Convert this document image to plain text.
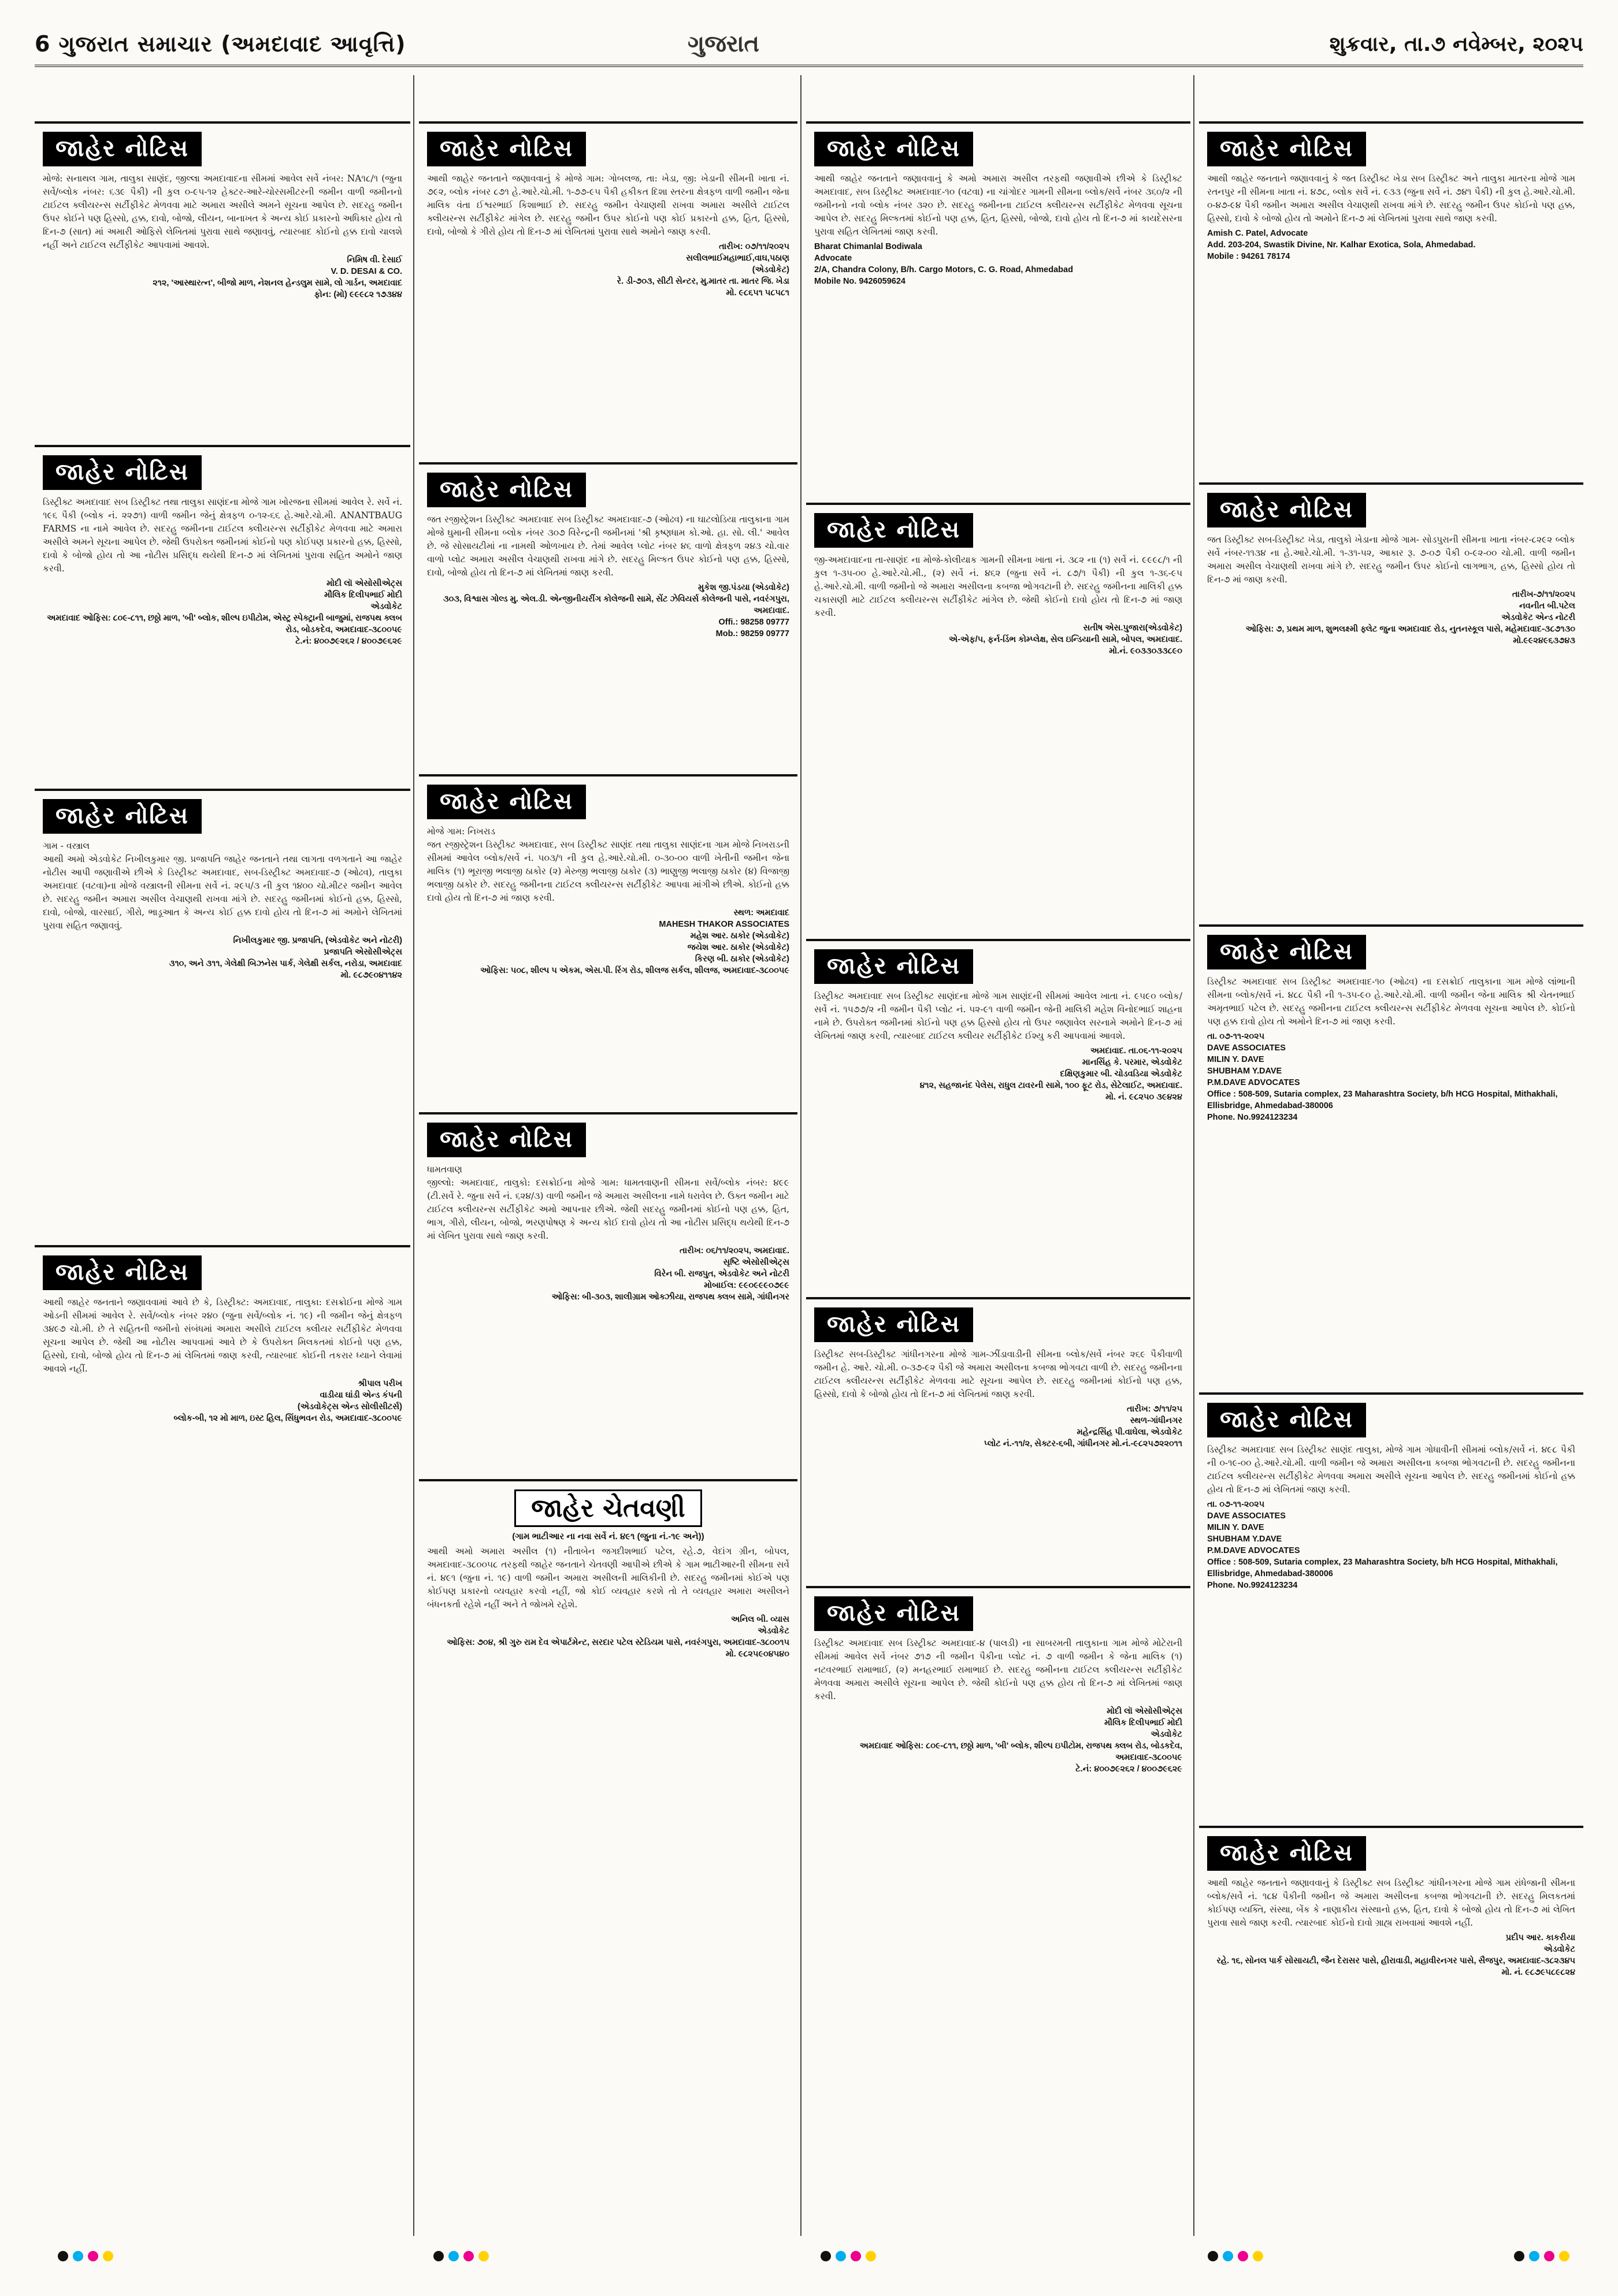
6 ગુજરાત સમાચાર (અમદાવાદ આવૃત્તિ)	ગુજરાત	શુક્રવાર, તા.૭ નવેમ્બર, ૨૦૨૫
જાહેર નોટિસ
મોજે: સનાથલ ગામ, તાલુકા સાણંદ, જીલ્લા અમદાવાદના સીમમાં આવેલ સર્વે નંબર: NA૧૮/૧ (જુના સર્વે/બ્લોક નંબર: ૬૩૯ પૈકી) ની કુલ ૦-૯૫-૧૨ હેક્ટર-આરે-ચોરસમીટરની જમીન વાળી જમીનનો ટાઈટલ ક્લીયરન્સ સર્ટીફીકેટ મેળવવા માટે અમારા અસીલે અમને સૂચના આપેલ છે. સદરહુ જમીન ઉપર કોઈને પણ હિસ્સો, હક્ક, દાવો, બોજો, લીયન, બાનાખત કે અન્ય કોઈ પ્રકારનો અધિકાર હોય તો દિન-૭ (સાત) માં અમારી ઓફિસે લેખિતમાં પુરાવા સાથે જણાવવું, ત્યારબાદ કોઈનો હક્ક દાવો ચાલશે નહીં અને ટાઈટલ સર્ટીફીકેટ આપવામાં આવશે.
નિમિષ વી. દેસાઈ
V. D. DESAI & CO.
૨૧૨, 'આસ્થારત્ન', બીજો માળ, નેશનલ હેન્ડલુમ સામે, લો ગાર્ડન, અમદાવાદ
ફોન: (મો) ૯૯૯૮૨ ૧૭૩૪૪
જાહેર નોટિસ
ડિસ્ટ્રીક્ટ અમદાવાદ સબ ડિસ્ટ્રીક્ટ તથા તાલુકા સાણંદના મોજે ગામ ખોરજના સીમમાં આવેલ રે. સર્વે નં. ૧૯૬ પૈકી (બ્લોક નં. ૨૨૭૧) વાળી જમીન જેનું ક્ષેત્રફળ ૦-૧૨-૬૬ હે.આરે.ચો.મી. ANANTBAUG FARMS ના નામે આવેલ છે. સદરહુ જમીનના ટાઈટલ ક્લીયરન્સ સર્ટીફીકેટ મેળવવા માટે અમારા અસીલે અમને સૂચના આપેલ છે. જેથી ઉપરોક્ત જમીનમાં કોઈનો પણ કોઈપણ પ્રકારનો હક્ક, હિસ્સો, દાવો કે બોજો હોય તો આ નોટીસ પ્રસિદ્ધ થયેથી દિન-૭ માં લેખિતમાં પુરાવા સહિત અમોને જાણ કરવી.
મોદી લૉ એસોસીએટ્સ
મૌલિક દિલીપભાઈ મોદી
એડવોકેટ
અમદાવાદ ઓફિસ: ૮૦૯-૮૧૧, છઠ્ઠો માળ, 'બી' બ્લોક, શીલ્પ ઇપીટોમ, એસ્ટ્ર સ્પેક્ટ્રાની બાજુમાં, રાજપથ ક્લબ રોડ, બોડકદેવ, અમદાવાદ-૩૮૦૦૫૯
ટે.નં: ૪૦૦૭૯૨૬૨ / ૪૦૦૭૯૬૨૯
જાહેર નોટિસ
ગામ - વસ્ત્રાલ
આથી અમો એડવોકેટ નિખીલકુમાર જી. પ્રજાપતિ જાહેર જનતાને તથા લાગતા વળગતાને આ જાહેર નોટીસ આપી જણાવીએ છીએ કે ડિસ્ટ્રીક્ટ અમદાવાદ, સબ-ડિસ્ટ્રીક્ટ અમદાવાદ-૭ (ઓઢવ), તાલુકા અમદાવાદ (વટવા)ના મોજે વસ્ત્રાલની સીમના સર્વે નં. ૨૯૫/૩ ની કુલ ૧૪૦૦ ચો.મીટર જમીન આવેલ છે. સદરહુ જમીન અમારા અસીલ વેચાણથી રાખવા માંગે છે. સદરહુ જમીનમાં કોઈનો હક્ક, હિસ્સો, દાવો, બોજો, વારસાઈ, ગીરો, ભાડૂઆત કે અન્ય કોઈ હક્ક દાવો હોય તો દિન-૭ માં અમોને લેખિતમાં પુરાવા સહિત જણાવવું.
નિખીલકુમાર જી. પ્રજાપતિ, (એડવોકેટ અને નોટરી)
પ્રજાપતિ એસોસીએટ્સ
૩૧૦, અને ૩૧૧, ગેલેક્ષી બિઝનેસ પાર્ક, ગેલેક્ષી સર્કલ, નરોડા, અમદાવાદ
મો. ૯૮૭૯૦૪૧૧૪૨
જાહેર નોટિસ
આથી જાહેર જનતાને જણાવવામાં આવે છે કે, ડિસ્ટ્રીક્ટ: અમદાવાદ, તાલુકા: દસક્રોઈના મોજે ગામ ઓડની સીમમાં આવેલ રે. સર્વે/બ્લોક નંબર ૨૪૦ (જુના સર્વે/બ્લોક નં. ૧૯) ની જમીન જેનું ક્ષેત્રફળ ૩૪૯૭ ચો.મી. છે તે સહિતની જમીનો સંબંધમાં અમારા અસીલે ટાઈટલ ક્લીયર સર્ટીફીકેટ મેળવવા સૂચના આપેલ છે. જેથી આ નોટીસ આપવામાં આવે છે કે ઉપરોક્ત મિલકતમાં કોઈનો પણ હક્ક, હિસ્સો, દાવો, બોજો હોય તો દિન-૭ માં લેખિતમાં જાણ કરવી, ત્યારબાદ કોઈની તકરાર ધ્યાને લેવામાં આવશે નહીં.
શ્રીપાલ પરીખ
વાડીયા ઘાંડી એન્ડ કંપની
(એડવોકેટ્સ એન્ડ સોલીસીટર્સ)
બ્લોક-બી, ૧૨ મો માળ, ઇસ્ટ હિલ, સિંધુભવન રોડ, અમદાવાદ-૩૮૦૦૫૯
જાહેર નોટિસ
આથી જાહેર જનતાને જણાવવાનું કે મોજે ગામ: ગોબલજ, તા: ખેડા, જી: ખેડાની સીમની ખાતા નં. ૭૯૨, બ્લોક નંબર ૮૭૧ હે.આરે.ચો.મી. ૧-૭૭-૯૫ પૈકી હકીકત દિશા સ્તરના ક્ષેત્રફળ વાળી જમીન જેના માલિક વંતા ઈશ્વરભાઈ કિશાભાઈ છે. સદરહુ જમીન વેચાણથી રાખવા અમારા અસીલે ટાઈટલ ક્લીયરન્સ સર્ટીફીકેટ માંગેલ છે. સદરહુ જમીન ઉપર કોઈનો પણ કોઈ પ્રકારનો હક્ક, હિત, હિસ્સો, દાવો, બોજો કે ગીરો હોય તો દિન-૭ માં લેખિતમાં પુરાવા સાથે અમોને જાણ કરવી.
તારીખ: ૦૭/૧૧/૨૦૨૫
સલીલભાઈમહાભાઈ,વાઘ,પઠાણ
(એડવોકેટ)
રે. ડી-૭૦૩, સીટી સેન્ટર, મુ.માતર તા. માતર જિ. ખેડા
મો. ૯૮૬૫૧ ૫૮૫૮૧
જાહેર નોટિસ
જત રજીસ્ટ્રેશન ડિસ્ટ્રીક્ટ અમદાવાદ સબ ડિસ્ટ્રીક્ટ અમદાવાદ-૭ (ઓઢવ) ના ઘાટલોડિયા તાલુકાના ગામ મોજે ઘુમાની સીમના બ્લોક નંબર ૩૦૭ વિરેન્દ્રની જમીનમાં 'શ્રી કૃષ્ણધામ કો.ઓ. હા. સો. લી.' આવેલ છે. જે સોસાયટીમાં ના નામથી ઓળખાય છે. તેમાં આવેલ પ્લોટ નંબર ૪૬ વાળો ક્ષેત્રફળ ૨૪૩ ચો.વાર વાળો પ્લોટ અમારા અસીલ વેચાણથી રાખવા માંગે છે. સદરહુ મિલ્કત ઉપર કોઈનો પણ હક્ક, હિસ્સો, દાવો, બોજો હોય તો દિન-૭ માં લેખિતમાં જાણ કરવી.
મુકેશ જી.પંડયા (એડવોકેટ)
૩૦૩, વિશ્વાસ ગોલ્ડ મુ. એલ.ડી. એન્જીનીયરીંગ કોલેજની સામે, સેંટ ઝેવિયર્સ કોલેજની પાસે, નવરંગપુરા, અમદાવાદ.
Offi.: 98258 09777
Mob.: 98259 09777
જાહેર નોટિસ
મોજે ગામ: નિખરાડ
જત રજીસ્ટ્રેશન ડિસ્ટ્રીક્ટ અમદાવાદ, સબ ડિસ્ટ્રીક્ટ સાણંદ તથા તાલુકા સાણંદના ગામ મોજે નિખરાડની સીમમાં આવેલ બ્લોક/સર્વે નં. ૫૦૩/૧ ની કુલ હે.આરે.ચો.મી. ૦-૩૦-૦૦ વાળી ખેતીની જમીન જેના માલિક (૧) ભૂરાજી ભલાજી ઠાકોર (૨) મેરુજી ભલાજી ઠાકોર (૩) ભાણુજી ભલાજી ઠાકોર (૪) વિજાજી ભલાજી ઠાકોર છે. સદરહુ જમીનના ટાઈટલ ક્લીયરન્સ સર્ટીફીકેટ આપવા માંગીએ છીએ. કોઈનો હક્ક દાવો હોય તો દિન-૭ માં જાણ કરવી.
સ્થળ: અમદાવાદ
MAHESH THAKOR ASSOCIATES
મહેશ આર. ઠાકોર (એડવોકેટ)
જયેશ આર. ઠાકોર (એડવોકેટ)
કિરણ બી. ઠાકોર (એડવોકેટ)
ઓફિસ: ૫૦૮, શીલ્પ ૫ એકમ, એસ.પી. રિંગ રોડ, શીલજ સર્કલ, શીલજ, અમદાવાદ-૩૮૦૦૫૯
જાહેર નોટિસ
ધામતવાણ
જીલ્લો: અમદાવાદ, તાલુકો: દસક્રોઈના મોજે ગામ: ધામતવાણની સીમના સર્વે/બ્લોક નંબર: ૪૯૯ (ટી.સર્વે રે. જુના સર્વે નં. ૬૨૪/૩) વાળી જમીન જે અમારા અસીલના નામે ધરાવેલ છે. ઉક્ત જમીન માટે ટાઈટલ ક્લીયરન્સ સર્ટીફીકેટ અમો આપનાર છીએ. જેથી સદરહુ જમીનમાં કોઈનો પણ હક્ક, હિત, ભાગ, ગીરો, લીયન, બોજો, ભરણપોષણ કે અન્ય કોઈ દાવો હોય તો આ નોટીસ પ્રસિદ્ધ થયેથી દિન-૭ માં લેખિત પુરાવા સાથે જાણ કરવી.
તારીખ: ૦૬/૧૧/૨૦૨૫, અમદાવાદ.
સૃષ્ટિ એસોસીએટ્સ
વિરેન બી. રાજપુત, એડવોકેટ અને નોટરી
મોબાઈલ: ૯૯૦૯૯૯૦૭૯૯
ઓફિસ: બી-૩૦૩, શાલીગ્રામ ઓક્ઝીયા, રાજપથ ક્લબ સામે, ગાંધીનગર
જાહેર ચેતવણી
(ગામ ભાટીઆર ના નવા સર્વે નં. ૪૯૧ (જુના નં.-૧૯ અને))
આથી અમો અમારા અસીલ (૧) નીતાબેન જગદીશભાઈ પટેલ, રહે.૭, વેદાંગ ગ્રીન, બોપલ, અમદાવાદ-૩૮૦૦૫૮ તરફથી જાહેર જનતાને ચેતવણી આપીએ છીએ કે ગામ ભાટીઆરની સીમના સર્વે નં. ૪૯૧ (જુના નં. ૧૯) વાળી જમીન અમારા અસીલની માલિકીની છે. સદરહુ જમીનમાં કોઈએ પણ કોઈપણ પ્રકારનો વ્યવહાર કરવો નહીં, જો કોઈ વ્યવહાર કરશે તો તે વ્યવહાર અમારા અસીલને બંધનકર્તા રહેશે નહીં અને તે જોખમે રહેશે.
અનિલ બી. વ્યાસ
એડવોકેટ
ઓફિસ: ૭૦૪, શ્રી ગુરુ રામ દેવ એપાર્ટમેન્ટ, સરદાર પટેલ સ્ટેડિયમ પાસે, નવરંગપુરા, અમદાવાદ-૩૮૦૦૧૫
મો. ૯૮૨૫૯૦૪૫૪૦
જાહેર નોટિસ
આથી જાહેર જનતાને જણાવવાનું કે અમો અમારા અસીલ તરફથી જણાવીએ છીએ કે ડિસ્ટ્રીક્ટ અમદાવાદ, સબ ડિસ્ટ્રીક્ટ અમદાવાદ-૧૦ (વટવા) ના ચાંગોદર ગામની સીમના બ્લોક/સર્વે નંબર ૩૬૦/૨ ની જમીનનો નવો બ્લોક નંબર ૩૨૦ છે. સદરહુ જમીનના ટાઈટલ ક્લીયરન્સ સર્ટીફીકેટ મેળવવા સૂચના આપેલ છે. સદરહુ મિલ્કતમાં કોઈનો પણ હક્ક, હિત, હિસ્સો, બોજો, દાવો હોય તો દિન-૭ માં કાયદેસરના પુરાવા સહિત લેખિતમાં જાણ કરવી.
Bharat Chimanlal Bodiwala
Advocate
2/A, Chandra Colony, B/h. Cargo Motors, C. G. Road, Ahmedabad
Mobile No. 9426059624
જાહેર નોટિસ
જી-અમદાવાદના તા-સાણંદ ના મોજે-કોલીયાક ગામની સીમના ખાતા નં. ૩૮૨ ના (૧) સર્વે નં. ૯૯૯૮/૧ ની કુલ ૧-૩૫-૦૦ હે.આરે.ચો.મી., (૨) સર્વે નં. ૪૬૨ (જુના સર્વે નં. ૮૭/૧ પૈકી) ની કુલ ૧-૩૬-૯૫ હે.આરે.ચો.મી. વાળી જમીનો જે અમારા અસીલના કબજા ભોગવટાની છે. સદરહુ જમીનના માલિકી હક્ક ચકાસણી માટે ટાઈટલ ક્લીયરન્સ સર્ટીફીકેટ માંગેલ છે. જેથી કોઈનો દાવો હોય તો દિન-૭ માં જાણ કરવી.
સતીષ એસ.પુજારા(એડવોકેટ)
એ-એફ/૫, ફર્ન-ડિંભ કોમ્પ્લેક્ષ, સેલ ઇન્ડિયાની સામે, બોપલ, અમદાવાદ.
મો.નં. ૯૦૩૩૦૩૩૮૯૦
જાહેર નોટિસ
ડિસ્ટ્રીક્ટ અમદાવાદ સબ ડિસ્ટ્રીક્ટ સાણંદના મોજે ગામ સાણંદની સીમમાં આવેલ ખાતા નં. ૯૫૯૦ બ્લોક/સર્વે નં. ૧૫૭૭/૨ ની જમીન પૈકી પ્લોટ નં. ૫૨-૯૧ વાળી જમીન જેની માલિકી મહેશ વિનોદભાઈ શાહના નામે છે. ઉપરોક્ત જમીનમાં કોઈનો પણ હક્ક હિસ્સો હોય તો ઉપર જણાવેલ સરનામે અમોને દિન-૭ માં લેખિતમાં જાણ કરવી, ત્યારબાદ ટાઈટલ ક્લીયર સર્ટીફીકેટ ઈશ્યુ કરી આપવામાં આવશે.
અમદાવાદ. તા.૦૬-૧૧-૨૦૨૫
માનસિંહ કે. પરમાર, એડવોકેટ
દક્ષિણકુમાર બી. ચોડવડિયા એડવોકેટ
૪૧૨, સહજાનંદ પેલેસ, રાધુલ ટાવરની સામે, ૧૦૦ ફૂટ રોડ, સેટેલાઈટ, અમદાવાદ.
મો. નં. ૯૮૨૫૦ ૩૯૪૨૪
જાહેર નોટિસ
ડિસ્ટ્રીક્ટ સબ-ડિસ્ટ્રીક્ટ ગાંધીનગરના મોજે ગામ-ઝીંડાવાડીની સીમના બ્લોક/સર્વે નંબર ૨૬૯ પૈકીવાળી જમીન હે. આરે. ચો.મી. ૦-૩૭-૯૨ પૈકી જે અમારા અસીલના કબજા ભોગવટા વાળી છે. સદરહુ જમીનના ટાઈટલ ક્લીયરન્સ સર્ટીફીકેટ મેળવવા માટે સૂચના આપેલ છે. સદરહુ જમીનમાં કોઈનો પણ હક્ક, હિસ્સો, દાવો કે બોજો હોય તો દિન-૭ માં લેખિતમાં જાણ કરવી.
તારીખ: ૭/૧૧/૨૫
સ્થળ-ગાંધીનગર
મહેન્દ્રસિંહ પી.વાઘેલા, એડવોકેટ
પ્લોટ નં.-૧૧/૨, સેક્ટર-૬બી, ગાંધીનગર મો.નં.-૯૮૨૫૭૨૨૦૧૧
જાહેર નોટિસ
ડિસ્ટ્રીક્ટ અમદાવાદ સબ ડિસ્ટ્રીક્ટ અમદાવાદ-૪ (પાલડી) ના સાબરમતી તાલુકાના ગામ મોજે મોટેરાની સીમમાં આવેલ સર્વે નંબર ૭૧૭ ની જમીન પૈકીના પ્લોટ નં. ૭ વાળી જમીન કે જેના માલિક (૧) નટવરભાઈ રામાભાઈ, (૨) મનહરભાઈ રામાભાઈ છે. સદરહુ જમીનના ટાઈટલ ક્લીયરન્સ સર્ટીફીકેટ મેળવવા અમારા અસીલે સૂચના આપેલ છે. જેથી કોઈનો પણ હક્ક હોય તો દિન-૭ માં લેખિતમાં જાણ કરવી.
મોદી લૉ એસોસીએટ્સ
મૌલિક દિલીપભાઈ મોદી
એડવોકેટ
અમદાવાદ ઓફિસ: ૮૦૯-૮૧૧, છઠ્ઠો માળ, 'બી' બ્લોક, શીલ્પ ઇપીટોમ, રાજપથ ક્લબ રોડ, બોડકદેવ, અમદાવાદ-૩૮૦૦૫૯
ટે.નં: ૪૦૦૭૯૨૬૨ / ૪૦૦૭૯૬૨૯
જાહેર નોટિસ
આથી જાહેર જનતાને જણાવવાનું કે જત ડિસ્ટ્રીક્ટ ખેડા સબ ડિસ્ટ્રીક્ટ અને તાલુકા માતરના મોજે ગામ રતનપુર ની સીમના ખાતા નં. ૪૭૮, બ્લોક સર્વે નં. ૯૩૩ (જુના સર્વે નં. ૭૪૧ પૈકી) ની કુલ હે.આરે.ચો.મી. ૦-૪૭-૯૪ પૈકી જમીન અમારા અસીલ વેચાણથી રાખવા માંગે છે. સદરહુ જમીન ઉપર કોઈનો પણ હક્ક, હિસ્સો, દાવો કે બોજો હોય તો અમોને દિન-૭ માં લેખિતમાં પુરાવા સાથે જાણ કરવી.
Amish C. Patel, Advocate
Add. 203-204, Swastik Divine, Nr. Kalhar Exotica, Sola, Ahmedabad.
Mobile : 94261 78174
જાહેર નોટિસ
જત ડિસ્ટ્રીક્ટ સબ-ડિસ્ટ્રીક્ટ ખેડા, તાલુકો ખેડાના મોજે ગામ- સોડપુરાની સીમના ખાતા નંબર-૮૨૯૨ બ્લોક સર્વે નંબર-૧૧૩૪ ના હે.આરે.ચો.મી. ૧-૩૧-૫૨, આકાર રૂ. ૭-૦૭ પૈકી ૦-૯૨-૦૦ ચો.મી. વાળી જમીન અમારા અસીલ વેચાણથી રાખવા માંગે છે. સદરહુ જમીન ઉપર કોઈનો લાગભાગ, હક્ક, હિસ્સો હોય તો દિન-૭ માં જાણ કરવી.
તારીખ-૭/૧૧/૨૦૨૫
નવનીત બી.પટેલ
એડવોકેટ એન્ડ નોટરી
ઓફિસ: ૭, પ્રથમ માળ, શુભલક્ષ્મી ફ્લેટ જુના અમદાવાદ રોડ, નુતનસ્કૂલ પાસે, મહેમદાવાદ-૩૮૭૧૩૦
મો.૯૯૨૪૯૬૩૭૪૩
જાહેર નોટિસ
ડિસ્ટ્રીક્ટ અમદાવાદ સબ ડિસ્ટ્રીક્ટ અમદાવાદ-૧૦ (ઓઢવ) ના દસક્રોઈ તાલુકાના ગામ મોજે લાંભાની સીમના બ્લોક/સર્વે નં. ૪૮૮ પૈકી ની ૧-૩૫-૯૦ હે.આરે.ચો.મી. વાળી જમીન જેના માલિક શ્રી ચેતનભાઈ અમૃતભાઈ પટેલ છે. સદરહુ જમીનના ટાઈટલ ક્લીયરન્સ સર્ટીફીકેટ મેળવવા સૂચના આપેલ છે. કોઈનો પણ હક્ક દાવો હોય તો અમોને દિન-૭ માં જાણ કરવી.
તા. ૦૭-૧૧-૨૦૨૫
DAVE ASSOCIATES
MILIN Y. DAVE
SHUBHAM Y.DAVE
P.M.DAVE ADVOCATES
Office : 508-509, Sutaria complex, 23 Maharashtra Society, b/h HCG Hospital, Mithakhali, Ellisbridge, Ahmedabad-380006
Phone. No.9924123234
જાહેર નોટિસ
ડિસ્ટ્રીક્ટ અમદાવાદ સબ ડિસ્ટ્રીક્ટ સાણંદ તાલુકા, મોજે ગામ ગોધાવીની સીમમાં બ્લોક/સર્વે નં. ૪૯૮ પૈકી ની ૦-૧૯-૦૦ હે.આરે.ચો.મી. વાળી જમીન જે અમારા અસીલના કબજા ભોગવટાની છે. સદરહુ જમીનના ટાઈટલ ક્લીયરન્સ સર્ટીફીકેટ મેળવવા અમારા અસીલે સૂચના આપેલ છે. સદરહુ જમીનમાં કોઈનો હક્ક હોય તો દિન-૭ માં લેખિતમાં જાણ કરવી.
તા. ૦૭-૧૧-૨૦૨૫
DAVE ASSOCIATES
MILIN Y. DAVE
SHUBHAM Y.DAVE
P.M.DAVE ADVOCATES
Office : 508-509, Sutaria complex, 23 Maharashtra Society, b/h HCG Hospital, Mithakhali, Ellisbridge, Ahmedabad-380006
Phone. No.9924123234
જાહેર નોટિસ
આથી જાહેર જનતાને જણાવવાનું કે ડિસ્ટ્રીક્ટ સબ ડિસ્ટ્રીક્ટ ગાંધીનગરના મોજે ગામ રાંધેજાની સીમના બ્લોક/સર્વે નં. ૧૮૪ પૈકીની જમીન જે અમારા અસીલના કબજા ભોગવટાની છે. સદરહુ મિલકતમાં કોઈપણ વ્યક્તિ, સંસ્થા, બેંક કે નાણાકીય સંસ્થાનો હક્ક, હિત, દાવો કે બોજો હોય તો દિન-૭ માં લેખિત પુરાવા સાથે જાણ કરવી. ત્યારબાદ કોઈનો દાવો ગ્રાહ્ય રાખવામાં આવશે નહીં.
પ્રદીપ આર. કાકરીયા
એડવોકેટ
રહે. ૧૬, સોનલ પાર્ક સોસાયટી, જૈન દેરાસર પાસે, હીરાવાડી, મહાવીરનગર પાસે, સૈજપુર, અમદાવાદ-૩૮૨૩૪૫
મો. નં. ૯૮૭૯૫૮૯૮૨૪
